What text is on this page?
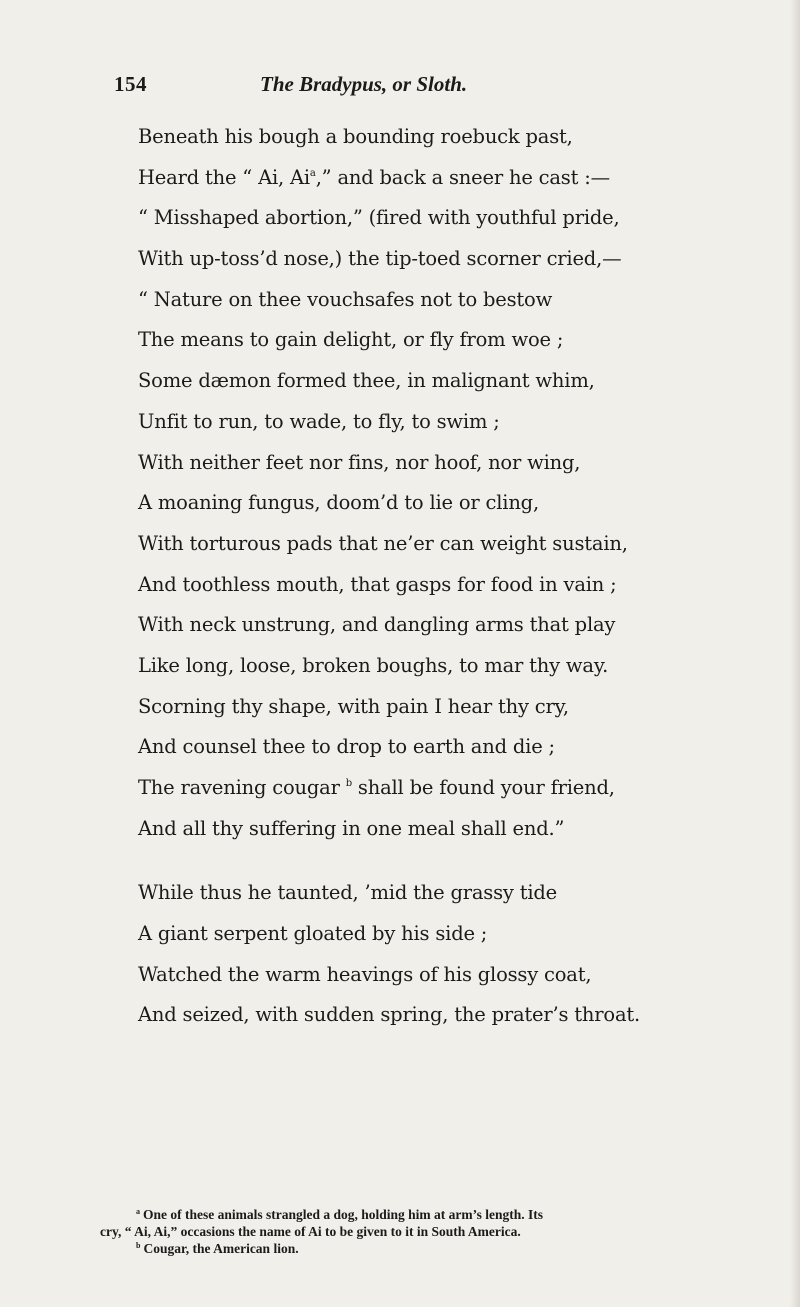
154	The Bradypus, or Sloth.
Beneath his bough a bounding roebuck past,
Heard the “ Ai, Ai$^a$,” and back a sneer he cast :—
“ Misshaped abortion,” (fired with youthful pride,
With up-toss’d nose,) the tip-toed scorner cried,—
“ Nature on thee vouchsafes not to bestow
The means to gain delight, or fly from woe ;
Some dæmon formed thee, in malignant whim,
Unfit to run, to wade, to fly, to swim ;
With neither feet nor fins, nor hoof, nor wing,
A moaning fungus, doom’d to lie or cling,
With torturous pads that ne’er can weight sustain,
And toothless mouth, that gasps for food in vain ;
With neck unstrung, and dangling arms that play
Like long, loose, broken boughs, to mar thy way.
Scorning thy shape, with pain I hear thy cry,
And counsel thee to drop to earth and die ;
The ravening cougar $^b$ shall be found your friend,
And all thy suffering in one meal shall end.”
While thus he taunted, ’mid the grassy tide
A giant serpent gloated by his side ;
Watched the warm heavings of his glossy coat,
And seized, with sudden spring, the prater’s throat.
$^a$ One of these animals strangled a dog, holding him at arm’s length. Its
cry, “ Ai, Ai,” occasions the name of Ai to be given to it in South America.
$^b$ Cougar, the American lion.
